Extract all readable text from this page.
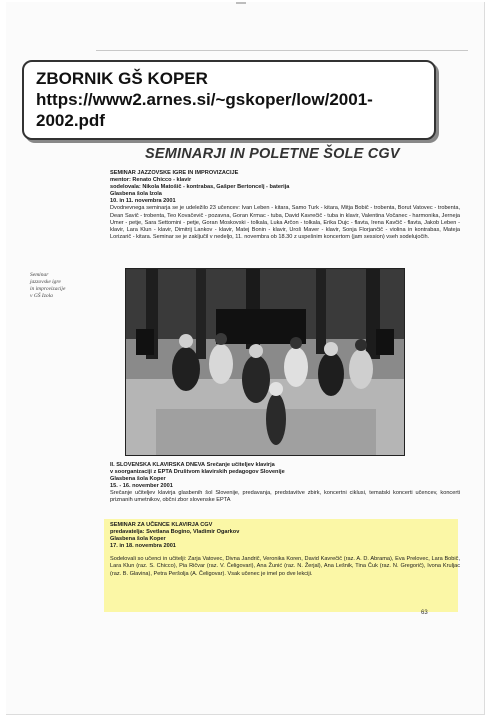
ZBORNIK GŠ KOPER
https://www2.arnes.si/~gskoper/low/2001-
2002.pdf
SEMINARJI IN POLETNE ŠOLE CGV
Seminar
jazzovske igre
in improvizacije
v GŠ Izola
SEMINAR JAZZOVSKE IGRE IN IMPROVIZACIJE
mentor: Renato Chicco - klavir
sodelovala: Nikola Matošič - kontrabas, Gašper Bertoncelj - baterija
Glasbena šola Izola
10. in 11. novembra 2001

Dvodnevnega seminarja se je udeležilo 23 učencev: Ivan Leben - kitara, Samo Turk - kitara, Mitja Bobič - trobenta, Borut Vatovec - trobenta, Dean Savič - trobenta, Teo Kovačevič - pozavna, Goran Krmac - tuba, David Kavrečič - tuba in klavir, Valentina Vočanec - harmonika, Jerneja Umer - petje, Sara Settomini - petje, Goran Moskovski - tolkala, Luka Arčon - tolkala, Erika Dujc - flavta, Irena Kavčič - flavta, Jakob Leben - klavir, Lara Klun - klavir, Dimitrij Lankov - klavir, Matej Bonin - klavir, Uroš Maver - klavir, Sonja Florjančič - violina in kontrabas, Mateja Lorizarič - kitara. Seminar se je zaključil v nedeljo, 11. novembra ob 18.30 z uspešnim koncertom (jam session) vseh sodelujočih.

II. SLOVENSKA KLAVIRSKA DNEVA Srečanje učiteljev klavirja
v soorganizaciji z EPTA Društvom klavirskih pedagogov Slovenije
Glasbena šola Koper
15. - 16. november 2001

Srečanje učiteljev klavirja glasbenih šol Slovenije, predavanja, predstavitve zbirk, koncertni ciklusi, tematski koncerti učencev, koncerti priznanih umetnikov, občni zbor slovenske EPTA

SEMINAR ZA UČENCE KLAVIRJA CGV
predavatelja: Svetlana Bogino, Vladimir Ogarkov
Glasbena šola Koper
17. in 18. novembra 2001

Sodelovali so učenci in učitelji: Zarja Vatovec, Divna Jandrič, Veronika Koren, David Kavrečič (raz. A. D. Abrama), Eva Prelovec, Lara Bobič, Lara Klun (raz. S. Chicco), Pia Ričvar (raz. V. Čeligovari), Ana Žunić (raz. N. Žerjal), Ana Lešnik, Tina Čuk (raz. N. Gregorič), Ivona Krulјac (raz. B. Glavina), Petra Peršolja (A. Čeligovar). Vsak učenec je imel po dve lekciji.

63
